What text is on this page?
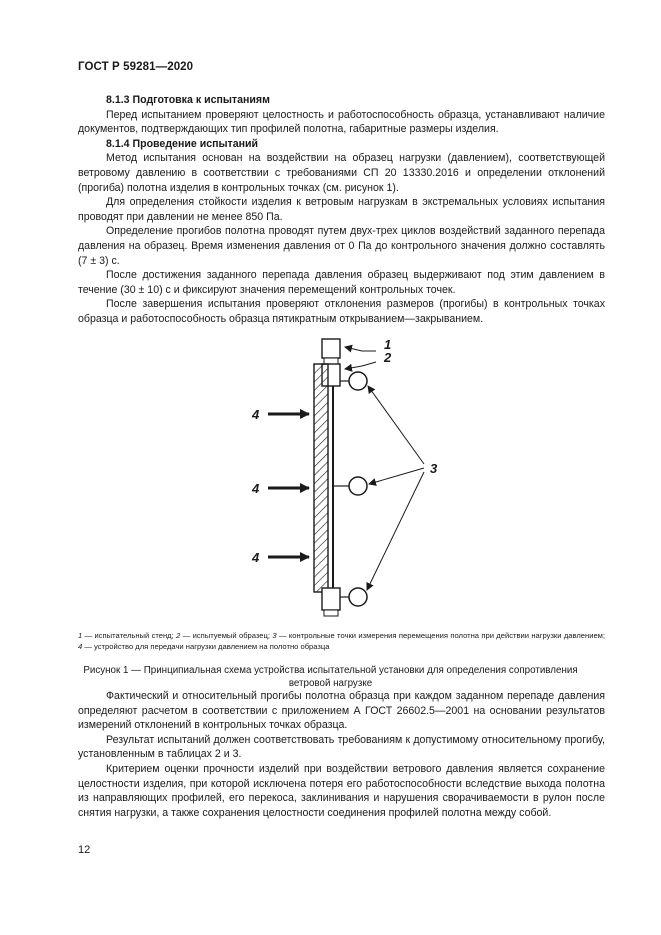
ГОСТ Р 59281—2020

8.1.3 Подготовка к испытаниям

Перед испытанием проверяют целостность и работоспособность образца, устанавливают наличие документов, подтверждающих тип профилей полотна, габаритные размеры изделия.

8.1.4 Проведение испытаний

Метод испытания основан на воздействии на образец нагрузки (давлением), соответствующей ветровому давлению в соответствии с требованиями СП 20 13330.2016 и определении отклонений (прогиба) полотна изделия в контрольных точках (см. рисунок 1).

Для определения стойкости изделия к ветровым нагрузкам в экстремальных условиях испытания проводят при давлении не менее 850 Па.

Определение прогибов полотна проводят путем двух-трех циклов воздействий заданного перепада давления на образец. Время изменения давления от 0 Па до контрольного значения должно составлять (7 ± 3) с.

После достижения заданного перепада давления образец выдерживают под этим давлением в течение (30 ± 10) с и фиксируют значения перемещений контрольных точек.

После завершения испытания проверяют отклонения размеров (прогибы) в контрольных точках образца и работоспособность образца пятикратным открыванием—закрыванием.

1
2
3
4
4
4
1 — испытательный стенд; 2 — испытуемый образец; 3 — контрольные точки измерения перемещения полотна при действии нагрузки давлением; 4 — устройство для передачи нагрузки давлением на полотно образца
Рисунок 1 — Принципиальная схема устройства испытательной установки для определения сопротивления ветровой нагрузке

Фактический и относительный прогибы полотна образца при каждом заданном перепаде давления определяют расчетом в соответствии с приложением А ГОСТ 26602.5—2001 на основании результатов измерений отклонений в контрольных точках образца.

Результат испытаний должен соответствовать требованиям к допустимому относительному прогибу, установленным в таблицах 2 и 3.

Критерием оценки прочности изделий при воздействии ветрового давления является сохранение целостности изделия, при которой исключена потеря его работоспособности вследствие выхода полотна из направляющих профилей, его перекоса, заклинивания и нарушения сворачиваемости в рулон после снятия нагрузки, а также сохранения целостности соединения профилей полотна между собой.

12
